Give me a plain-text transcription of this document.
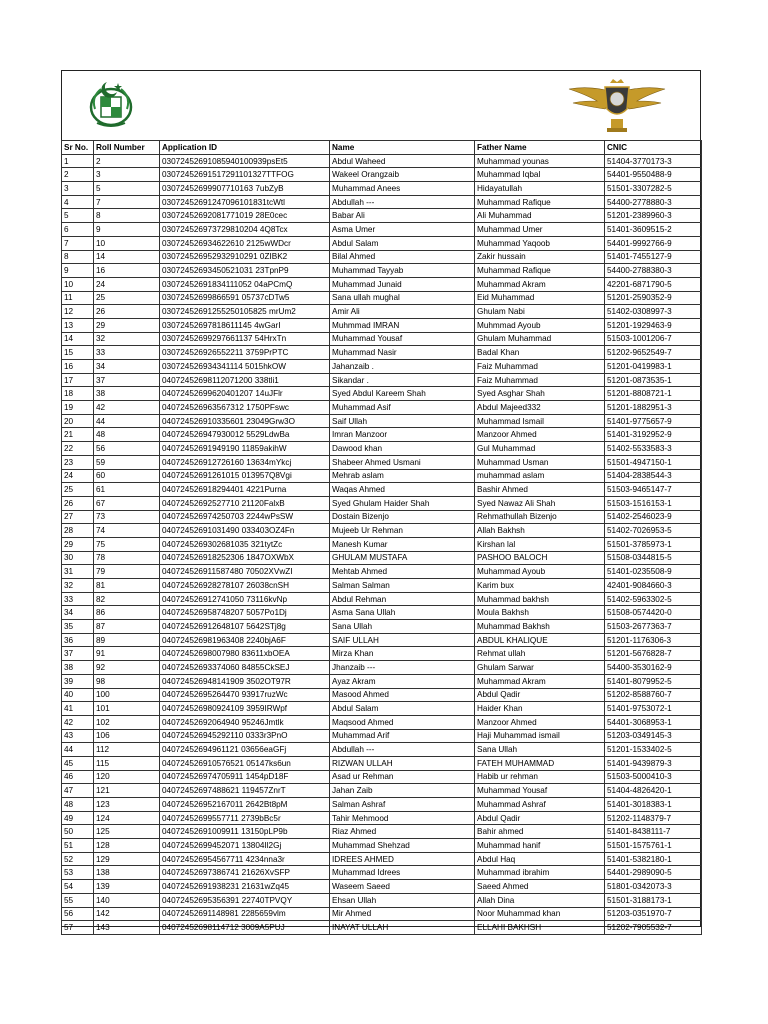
Sr No.	Roll Number	Application ID	Name	Father Name	CNIC
1	2	03072452691085940100939psEt5	Abdul Waheed	Muhammad younas	51404-3770173-3
2	3	03072452691517291101327TTFOG	Wakeel Orangzaib	Muhammad Iqbal	54401-9550488-9
3	5	03072452699907710163 7ubZyB	Muhammad Anees	Hidayatullah	51501-3307282-5
4	7	03072452691247096101831tcWtl	Abdullah ---	Muhammad Rafique	54400-2778880-3
5	8	03072452692081771019 28E0cec	Babar Ali	Ali Muhammad	51201-2389960-3
6	9	030724526973729810204 4Q8Tcx	Asma Umer	Muhammad Umer	51401-3609515-2
7	10	030724526934622610 2125wWDcr	Abdul Salam	Muhammad Yaqoob	54401-9992766-9
8	14	030724526952932910291 0ZIBK2	Bilal Ahmed	Zakir hussain	51401-7455127-9
9	16	03072452693450521031 23TpnP9	Muhammad Tayyab	Muhammad Rafique	54400-2788380-3
10	24	03072452691834111052 04aPCmQ	Muhammad Junaid	Muhammad Akram	42201-6871790-5
11	25	03072452699866591 05737cDTw5	Sana ullah mughal	Eid Muhammad	51201-2590352-9
12	26	03072452691255250105825 mrUm2	Amir Ali	Ghulam Nabi	51402-0308997-3
13	29	03072452697818611145 4wGarI	Muhmmad IMRAN	Muhmmad Ayoub	51201-1929463-9
14	32	03072452699297661137 54HrxTn	Muhammad Yousaf	Ghulam Muhammad	51503-1001206-7
15	33	030724526926552211 3759PrPTC	Muhammad Nasir	Badal Khan	51202-9652549-7
16	34	030724526934341114 5015hkOW	Jahanzaib .	Faiz Muhammad	51201-0419983-1
17	37	04072452698112071200 338tli1	Sikandar .	Faiz Muhammad	51201-0873535-1
18	38	04072452699620401207 14uJFlr	Syed Abdul Kareem Shah	Syed Asghar Shah	51201-8808721-1
19	42	040724526963567312 1750PFswc	Muhammad Asif	Abdul Majeed332	51201-1882951-3
20	44	040724526910335601 23049Grw3O	Saif Ullah	Muhammad Ismail	51401-9775657-9
21	48	040724526947930012 5529LdwBa	Imran Manzoor	Manzoor Ahmed	51401-3192952-9
22	56	04072452691949190 11859akihW	Dawood khan	Gul Muhammad	51402-5533583-3
23	59	040724526912726160 13634mYkcj	Shabeer Ahmed Usmani	Muhammad Usman	51501-4947150-1
24	60	04072452691261015 013957Q8Vgi	Mehrab aslam	muhammad aslam	51404-2838544-3
25	61	040724526918294401 4221Purna	Waqas Ahmed	Bashir Ahmed	51503-9465147-7
26	67	04072452692527710 21120FalxB	Syed Ghulam Haider Shah	Syed Nawaz Ali Shah	51503-1516153-1
27	73	040724526974250703 2244wPsSW	Dostain Bizenjo	Rehmathullah Bizenjo	51402-2546023-9
28	74	04072452691031490 033403OZ4Fn	Mujeeb Ur Rehman	Allah Bakhsh	51402-7026953-5
29	75	0407245269302681035 321tytZc	Manesh Kumar	Kirshan lal	51501-3785973-1
30	78	040724526918252306 1847OXWbX	GHULAM MUSTAFA	PASHOO BALOCH	51508-0344815-5
31	79	040724526911587480 70502XVwZI	Mehtab Ahmed	Muhammad Ayoub	51401-0235508-9
32	81	040724526928278107 26038cnSH	Salman Salman	Karim bux	42401-9084660-3
33	82	040724526912741050 73116kvNp	Abdul Rehman	Muhammad bakhsh	51402-5963302-5
34	86	040724526958748207 5057Po1Dj	Asma Sana Ullah	Moula Bakhsh	51508-0574420-0
35	87	040724526912648107 5642STj8g	Sana Ullah	Muhammad Bakhsh	51503-2677363-7
36	89	040724526981963408 2240bjA6F	SAIF ULLAH	ABDUL KHALIQUE	51201-1176306-3
37	91	04072452698007980 83611xbOEA	Mirza Khan	Rehmat ullah	51201-5676828-7
38	92	04072452693374060 84855CkSEJ	Jhanzaib ---	Ghulam Sarwar	54400-3530162-9
39	98	040724526948141909 3502OT97R	Ayaz Akram	Muhammad Akram	51401-8079952-5
40	100	04072452695264470 93917ruzWc	Masood Ahmed	Abdul Qadir	51202-8588760-7
41	101	040724526980924109 3959IRWpf	Abdul Salam	Haider Khan	51401-9753072-1
42	102	04072452692064940 95246Jmtlk	Maqsood Ahmed	Manzoor Ahmed	54401-3068953-1
43	106	040724526945292110 0333r3PnO	Muhammad Arif	Haji Muhammad ismail	51203-0349145-3
44	112	04072452694961121 03656eaGFj	Abdullah ---	Sana Ullah	51201-1533402-5
45	115	040724526910576521 05147ks6un	RIZWAN ULLAH	FATEH MUHAMMAD	51401-9439879-3
46	120	040724526974705911 1454pD18F	Asad ur Rehman	Habib ur rehman	51503-5000410-3
47	121	04072452697488621 119457ZnrT	Jahan Zaib	Muhammad Yousaf	51404-4826420-1
48	123	040724526952167011 2642Bt8pM	Salman Ashraf	Muhammad Ashraf	51401-3018383-1
49	124	04072452699557711 2739bBc5r	Tahir Mehmood	Abdul Qadir	51202-1148379-7
50	125	04072452691009911 13150pLP9b	Riaz Ahmed	Bahir ahmed	51401-8438111-7
51	128	04072452699452071 13804Il2Gj	Muhammad Shehzad	Muhammad hanif	51501-1575761-1
52	129	040724526954567711 4234nna3r	IDREES AHMED	Abdul Haq	51401-5382180-1
53	138	04072452697386741 21626XvSFP	Muhammad Idrees	Muhammad ibrahim	54401-2989090-5
54	139	04072452691938231 21631wZq45	Waseem Saeed	Saeed Ahmed	51801-0342073-3
55	140	04072452695356391 22740TPVQY	Ehsan Ullah	Allah Dina	51501-3188173-1
56	142	04072452691148981 2285659vlm	Mir Ahmed	Noor Muhammad khan	51203-0351970-7
57	143	04072452698114712 3009A5PUJ	INAYAT ULLAH	ELLAHI BAKHSH	51202-7905532-7
